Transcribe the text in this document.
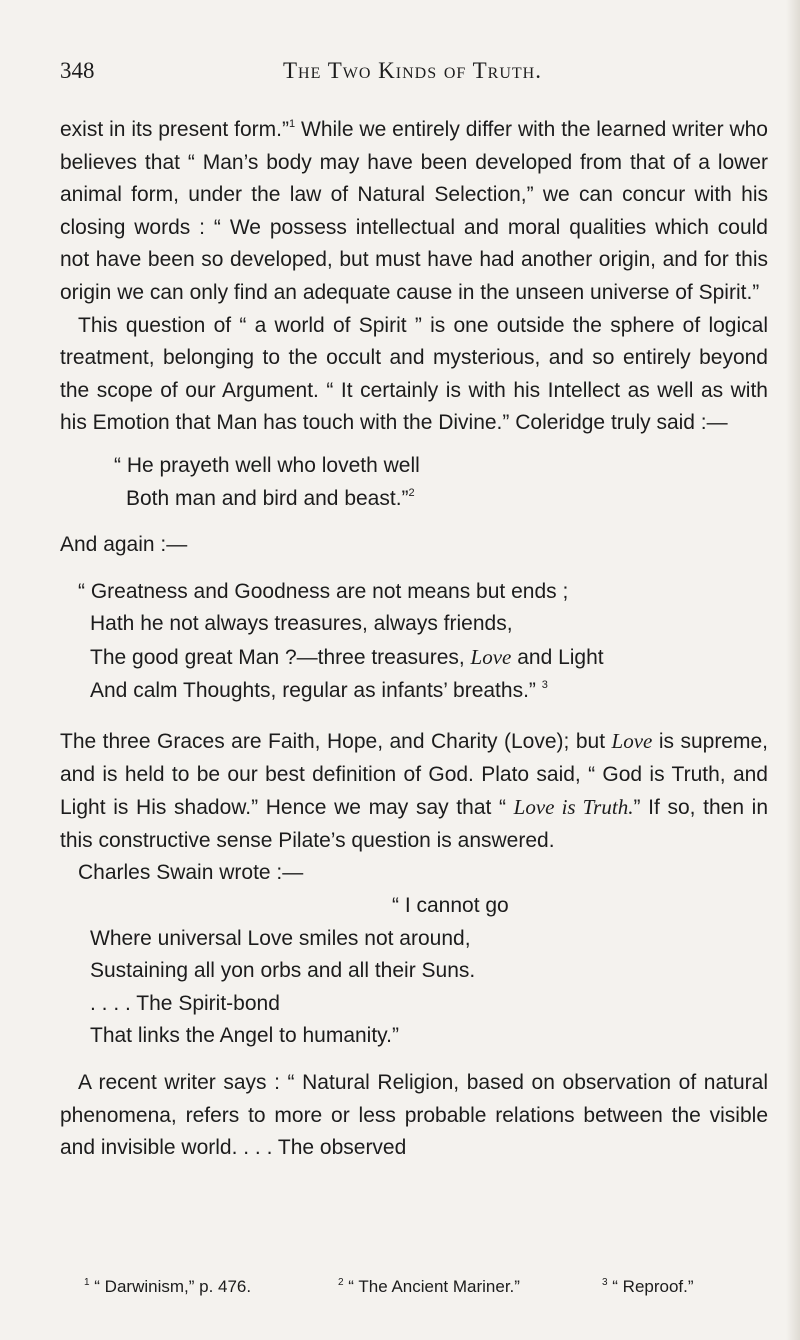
348	The Two Kinds of Truth.

exist in its present form.”$^1$ While we entirely differ with the learned writer who believes that “ Man’s body may have been developed from that of a lower animal form, under the law of Natural Selection,” we can concur with his closing words : “ We possess intellectual and moral qualities which could not have been so developed, but must have had another origin, and for this origin we can only find an adequate cause in the unseen universe of Spirit.”

This question of “ a world of Spirit ” is one outside the sphere of logical treatment, belonging to the occult and mysterious, and so entirely beyond the scope of our Argument. “ It certainly is with his Intellect as well as with his Emotion that Man has touch with the Divine.” Coleridge truly said :—

“ He prayeth well who loveth well
Both man and bird and beast.”$^2$

And again :—

“ Greatness and Goodness are not means but ends ;
Hath he not always treasures, always friends,
The good great Man ?—three treasures, Love and Light
And calm Thoughts, regular as infants’ breaths.” $^3$

The three Graces are Faith, Hope, and Charity (Love); but Love is supreme, and is held to be our best definition of God. Plato said, “ God is Truth, and Light is His shadow.” Hence we may say that “ Love is Truth.” If so, then in this constructive sense Pilate’s question is answered.

Charles Swain wrote :—

“ I cannot go
Where universal Love smiles not around,
Sustaining all yon orbs and all their Suns.
. . . . The Spirit-bond
That links the Angel to humanity.”

A recent writer says : “ Natural Religion, based on observation of natural phenomena, refers to more or less probable relations between the visible and invisible world. . . . The observed

$^1$ “ Darwinism,” p. 476.	$^2$ “ The Ancient Mariner.”	$^3$ “ Reproof.”
